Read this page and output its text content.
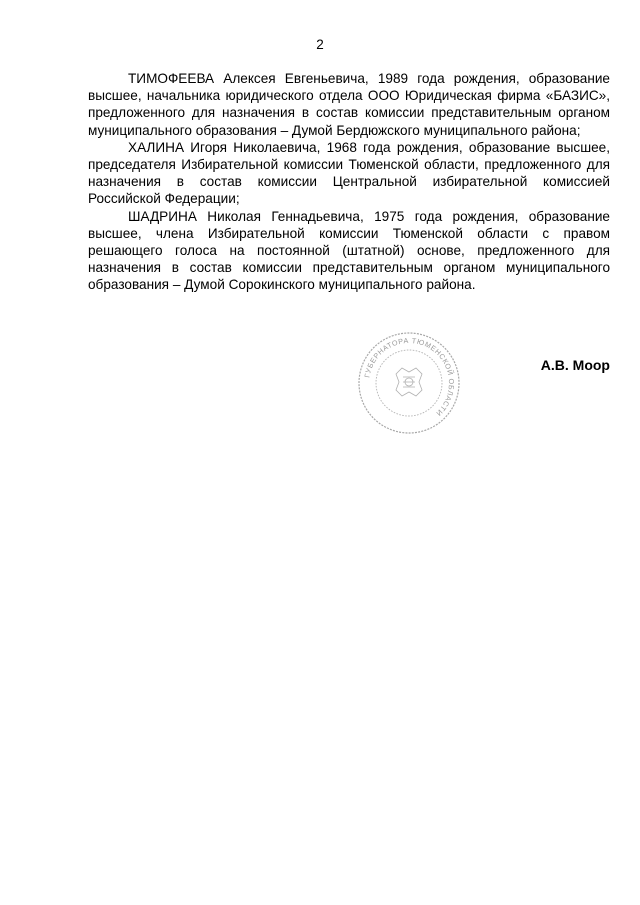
2

ТИМОФЕЕВА Алексея Евгеньевича, 1989 года рождения, образование высшее, начальника юридического отдела ООО Юридическая фирма «БАЗИС», предложенного для назначения в состав комиссии представительным органом муниципального образования – Думой Бердюжского муниципального района;

ХАЛИНА Игоря Николаевича, 1968 года рождения, образование высшее, председателя Избирательной комиссии Тюменской области, предложенного для назначения в состав комиссии Центральной избирательной комиссией Российской Федерации;

ШАДРИНА Николая Геннадьевича, 1975 года рождения, образование высшее, члена Избирательной комиссии Тюменской области с правом решающего голоса на постоянной (штатной) основе, предложенного для назначения в состав комиссии представительным органом муниципального образования – Думой Сорокинского муниципального района.

ГУБЕРНАТОРА ТЮМЕНСКОЙ ОБЛАСТИ
А.В. Моор
